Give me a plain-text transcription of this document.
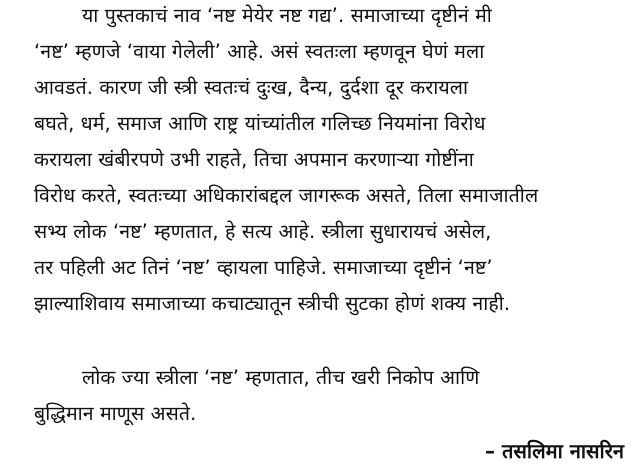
या पुस्तकाचं नाव ‘नष्ट मेयेर नष्ट गद्य’. समाजाच्या दृष्टीनं मी
‘नष्ट’ म्हणजे ‘वाया गेलेली’ आहे. असं स्वतःला म्हणवून घेणं मला
आवडतं. कारण जी स्त्री स्वतःचं दुःख, दैन्य, दुर्दशा दूर करायला
बघते, धर्म, समाज आणि राष्ट्र यांच्यांतील गलिच्छ नियमांना विरोध
करायला खंबीरपणे उभी राहते, तिचा अपमान करणाऱ्या गोष्टींना
विरोध करते, स्वतःच्या अधिकारांबद्दल जागरूक असते, तिला समाजातील
सभ्य लोक ‘नष्ट’ म्हणतात, हे सत्य आहे. स्त्रीला सुधारायचं असेल,
तर पहिली अट तिनं ‘नष्ट’ व्हायला पाहिजे. समाजाच्या दृष्टीनं ‘नष्ट’
झाल्याशिवाय समाजाच्या कचाट्यातून स्त्रीची सुटका होणं शक्य नाही.
लोक ज्या स्त्रीला ‘नष्ट’ म्हणतात, तीच खरी निकोप आणि
बुद्धिमान माणूस असते.
– तसलिमा नासरिन
